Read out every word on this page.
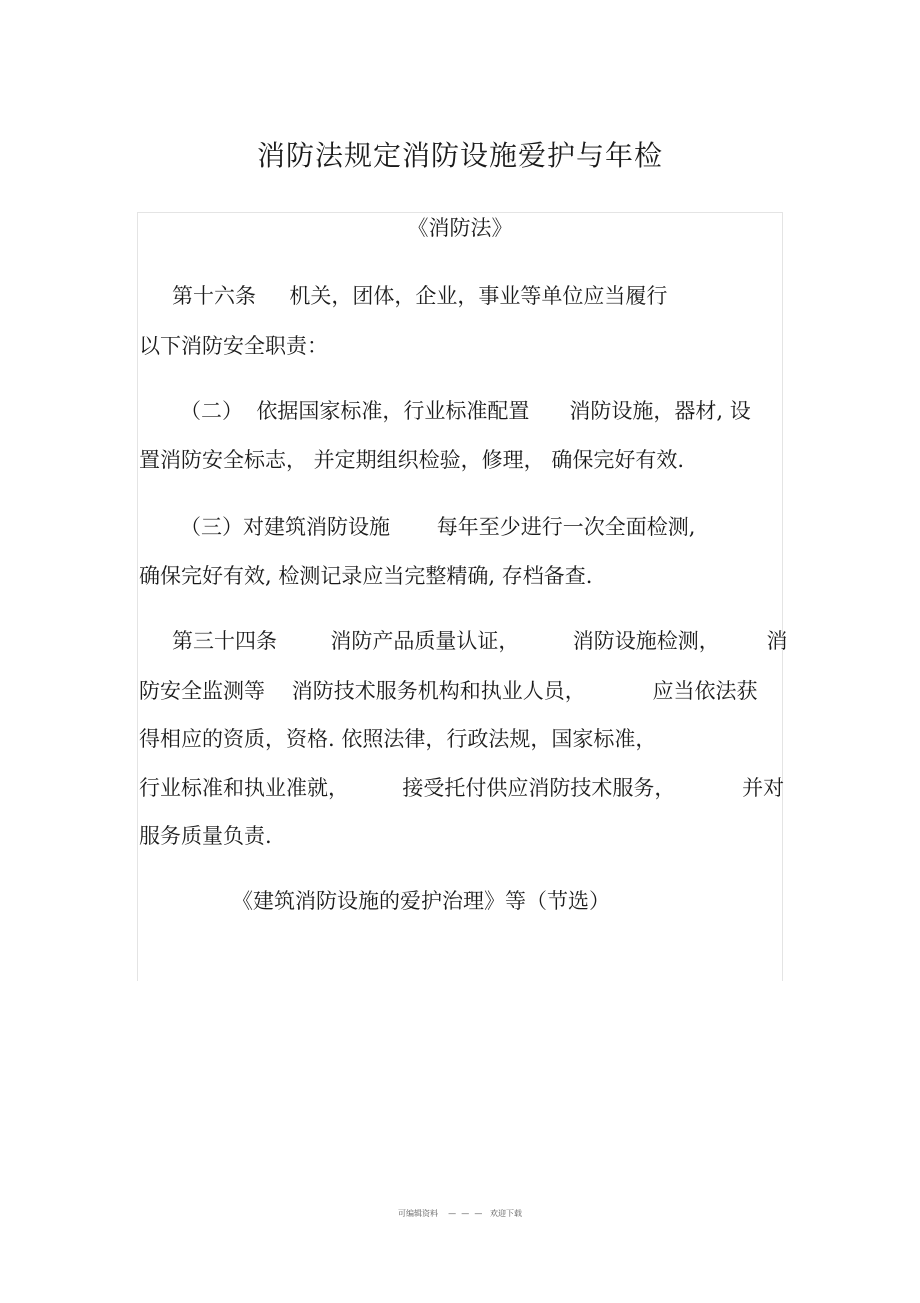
消防法规定消防设施爱护与年检
《消防法》
第十六条     机关，团体，企业，事业等单位应当履行
以下消防安全职责：
（二）  依据国家标准，行业标准配置      消防设施，器材, 设
置消防安全标志， 并定期组织检验，修理， 确保完好有效.
（三）对建筑消防设施       每年至少进行一次全面检测,
确保完好有效, 检测记录应当完整精确, 存档备查.
第三十四条        消防产品质量认证，        消防设施检测，       消
防安全监测等    消防技术服务机构和执业人员，          应当依法获
得相应的资质，资格. 依照法律，行政法规，国家标准，
行业标准和执业准就，        接受托付供应消防技术服务，          并对
服务质量负责.
《建筑消防设施的爱护治理》等（节选）
可编辑资料    —  —  —   欢迎下载
